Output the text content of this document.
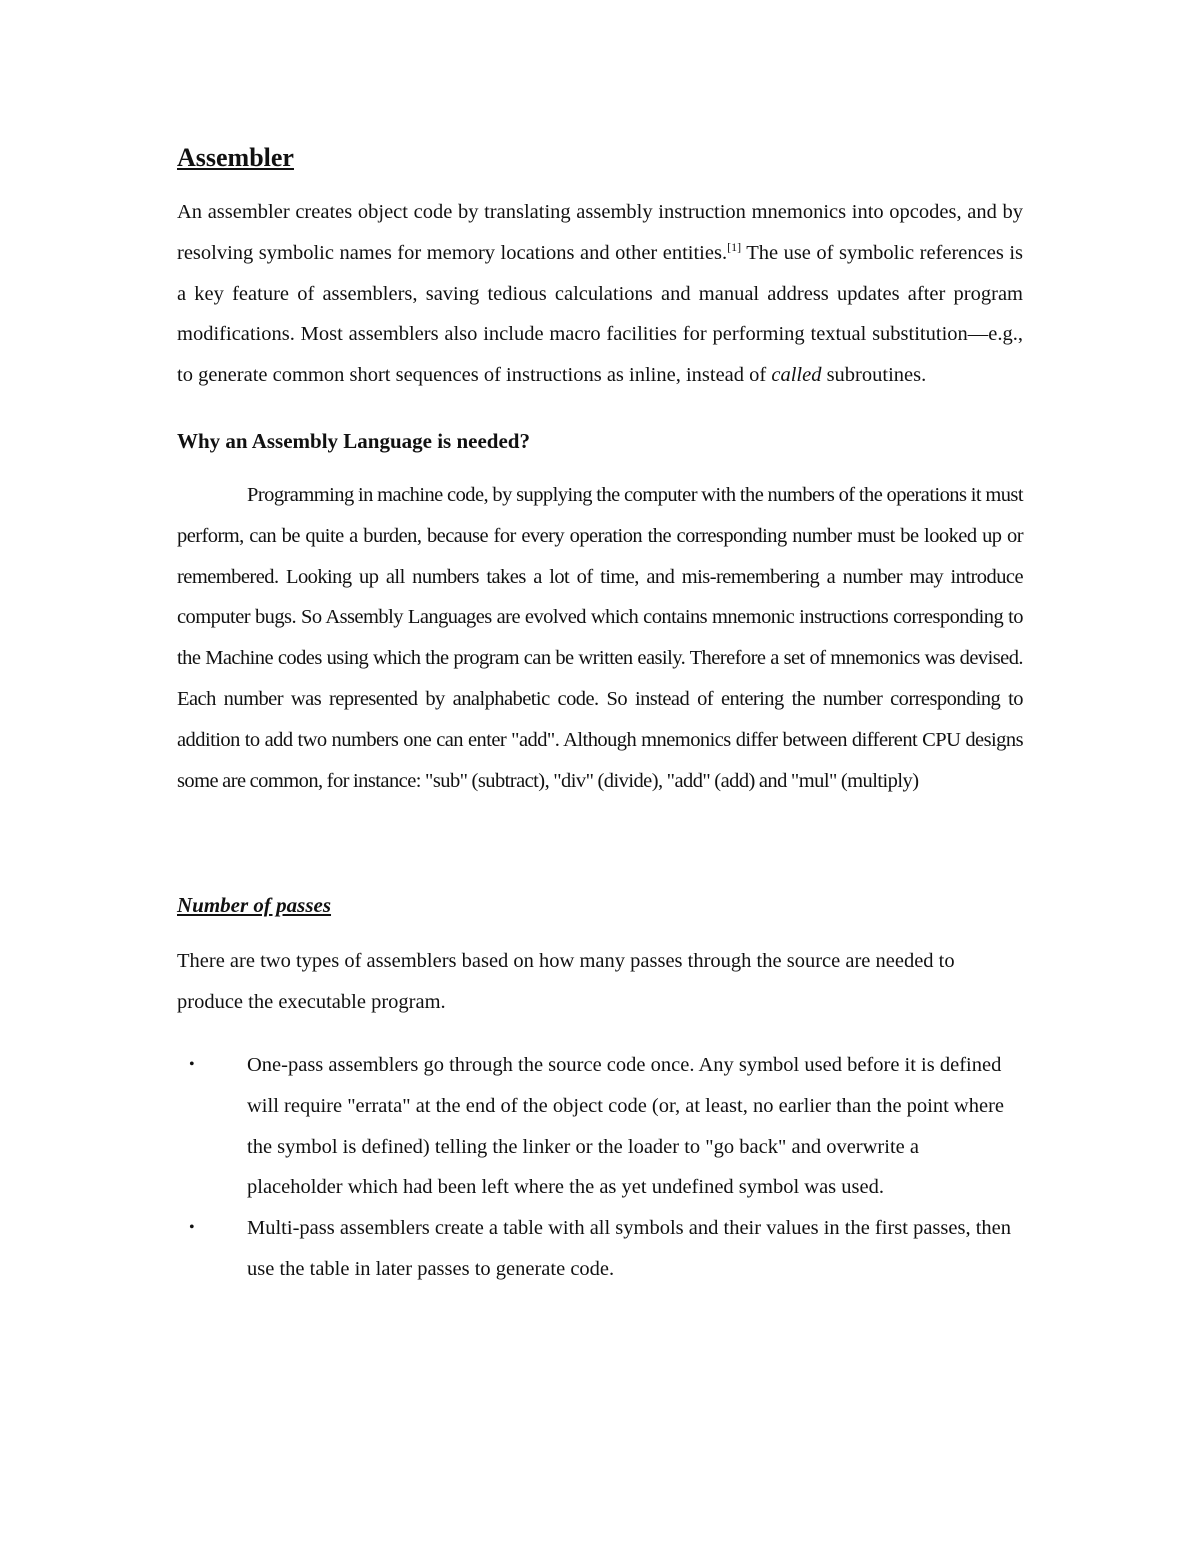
Assembler

An assembler creates object code by translating assembly instruction mnemonics into opcodes, and by resolving symbolic names for memory locations and other entities.[1] The use of symbolic references is a key feature of assemblers, saving tedious calculations and manual address updates after program modifications. Most assemblers also include macro facilities for performing textual substitution—e.g., to generate common short sequences of instructions as inline, instead of called subroutines.

Why an Assembly Language is needed?

Programming in machine code, by supplying the computer with the numbers of the operations it must perform, can be quite a burden, because for every operation the corresponding number must be looked up or remembered. Looking up all numbers takes a lot of time, and mis-remembering a number may introduce computer bugs. So Assembly Languages are evolved which contains mnemonic instructions corresponding to the Machine codes using which the program can be written easily. Therefore a set of mnemonics was devised. Each number was represented by analphabetic code. So instead of entering the number corresponding to addition to add two numbers one can enter "add". Although mnemonics differ between different CPU designs some are common, for instance: "sub" (subtract), "div" (divide), "add" (add) and "mul" (multiply)

Number of passes

There are two types of assemblers based on how many passes through the source are needed to produce the executable program.

•	One-pass assemblers go through the source code once. Any symbol used before it is defined will require "errata" at the end of the object code (or, at least, no earlier than the point where the symbol is defined) telling the linker or the loader to "go back" and overwrite a placeholder which had been left where the as yet undefined symbol was used.
•	Multi-pass assemblers create a table with all symbols and their values in the first passes, then use the table in later passes to generate code.
